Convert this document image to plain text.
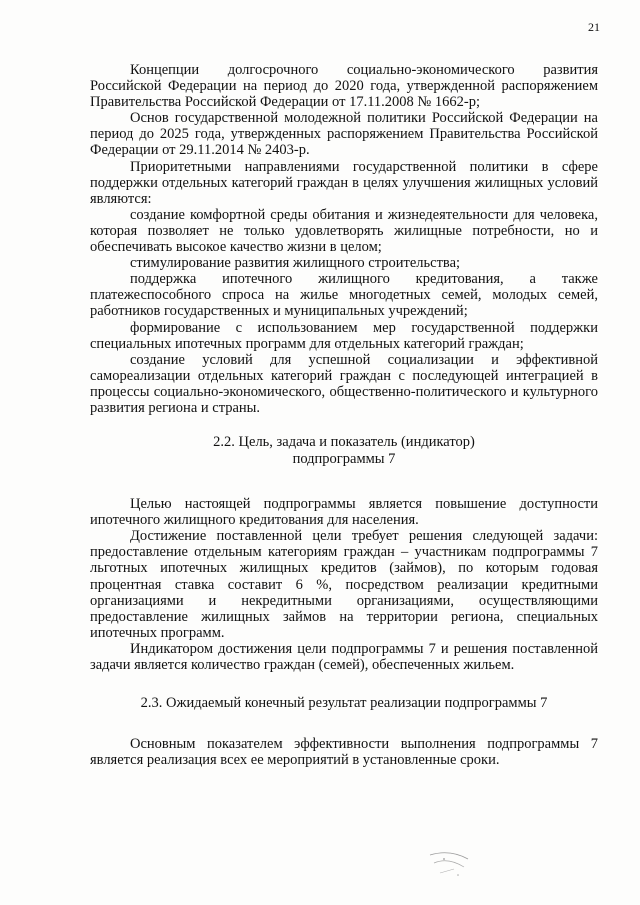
21

Концепции долгосрочного социально-экономического развития Российской Федерации на период до 2020 года, утвержденной распоряжением Правительства Российской Федерации от 17.11.2008 № 1662-р;

Основ государственной молодежной политики Российской Федерации на период до 2025 года, утвержденных распоряжением Правительства Российской Федерации от 29.11.2014 № 2403-р.

Приоритетными направлениями государственной политики в сфере поддержки отдельных категорий граждан в целях улучшения жилищных условий являются:

создание комфортной среды обитания и жизнедеятельности для человека, которая позволяет не только удовлетворять жилищные потребности, но и обеспечивать высокое качество жизни в целом;

стимулирование развития жилищного строительства;

поддержка ипотечного жилищного кредитования, а также платежеспособного спроса на жилье многодетных семей, молодых семей, работников государственных и муниципальных учреждений;

формирование с использованием мер государственной поддержки специальных ипотечных программ для отдельных категорий граждан;

создание условий для успешной социализации и эффективной самореализации отдельных категорий граждан с последующей интеграцией в процессы социально-экономического, общественно-политического и культурного развития региона и страны.

2.2. Цель, задача и показатель (индикатор)
подпрограммы 7

Целью настоящей подпрограммы является повышение доступности ипотечного жилищного кредитования для населения.

Достижение поставленной цели требует решения следующей задачи: предоставление отдельным категориям граждан – участникам подпрограммы 7 льготных ипотечных жилищных кредитов (займов), по которым годовая процентная ставка составит 6 %, посредством реализации кредитными организациями и некредитными организациями, осуществляющими предоставление жилищных займов на территории региона, специальных ипотечных программ.

Индикатором достижения цели подпрограммы 7 и решения поставленной задачи является количество граждан (семей), обеспеченных жильем.

2.3. Ожидаемый конечный результат реализации подпрограммы 7

Основным показателем эффективности выполнения подпрограммы 7 является реализация всех ее мероприятий в установленные сроки.
